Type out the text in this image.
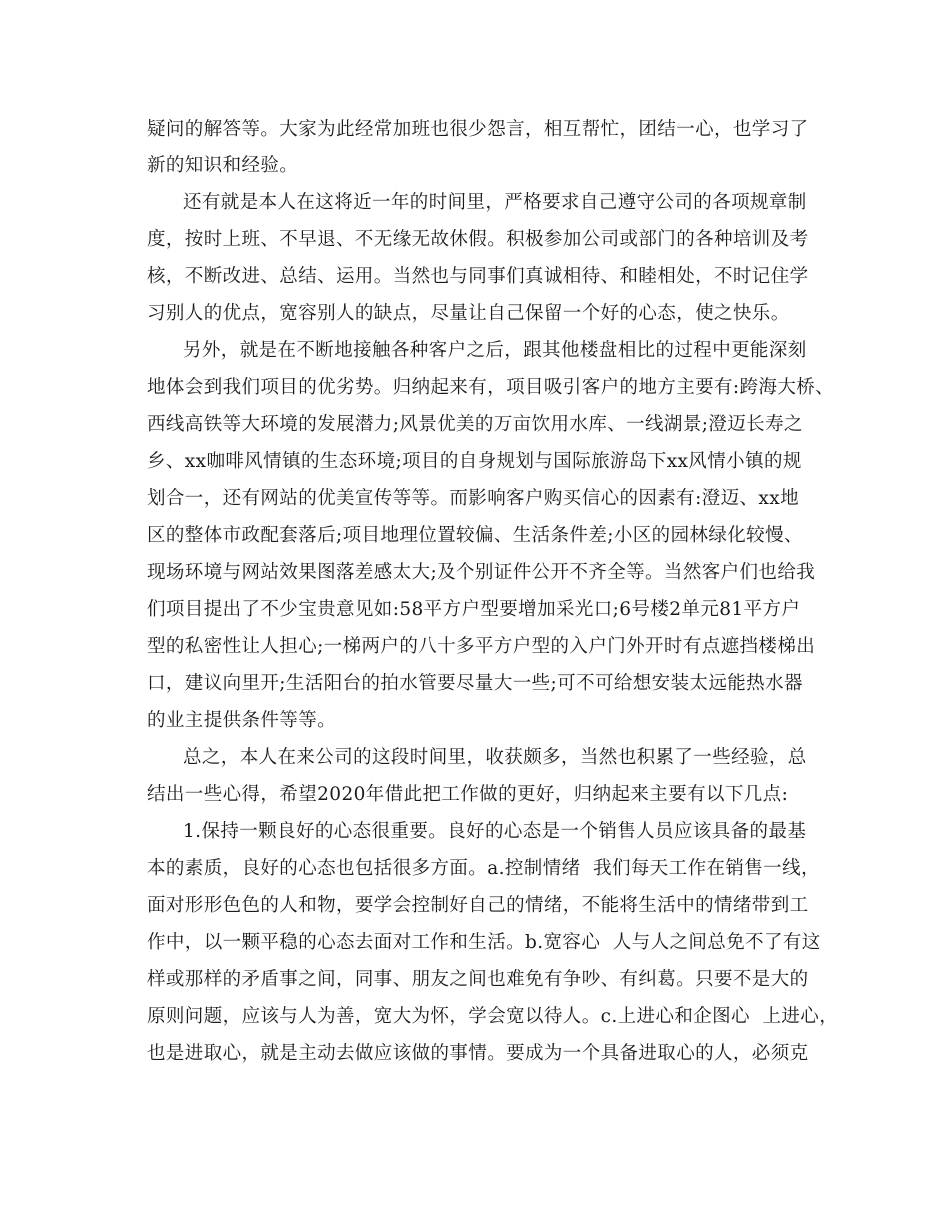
疑问的解答等。大家为此经常加班也很少怨言，相互帮忙，团结一心，也学习了
新的知识和经验。
还有就是本人在这将近一年的时间里，严格要求自己遵守公司的各项规章制
度，按时上班、不早退、不无缘无故休假。积极参加公司或部门的各种培训及考
核，不断改进、总结、运用。当然也与同事们真诚相待、和睦相处，不时记住学
习别人的优点，宽容别人的缺点，尽量让自己保留一个好的心态，使之快乐。
另外，就是在不断地接触各种客户之后，跟其他楼盘相比的过程中更能深刻
地体会到我们项目的优劣势。归纳起来有，项目吸引客户的地方主要有:跨海大桥、
西线高铁等大环境的发展潜力;风景优美的万亩饮用水库、一线湖景;澄迈长寿之
乡、xx咖啡风情镇的生态环境;项目的自身规划与国际旅游岛下xx风情小镇的规
划合一，还有网站的优美宣传等等。而影响客户购买信心的因素有:澄迈、xx地
区的整体市政配套落后;项目地理位置较偏、生活条件差;小区的园林绿化较慢、
现场环境与网站效果图落差感太大;及个别证件公开不齐全等。当然客户们也给我
们项目提出了不少宝贵意见如:58平方户型要增加采光口;6号楼2单元81平方户
型的私密性让人担心;一梯两户的八十多平方户型的入户门外开时有点遮挡楼梯出
口，建议向里开;生活阳台的拍水管要尽量大一些;可不可给想安装太远能热水器
的业主提供条件等等。
总之，本人在来公司的这段时间里，收获颇多，当然也积累了一些经验，总
结出一些心得，希望2020年借此把工作做的更好，归纳起来主要有以下几点:
1.保持一颗良好的心态很重要。良好的心态是一个销售人员应该具备的最基
本的素质，良好的心态也包括很多方面。a.控制情绪  我们每天工作在销售一线，
面对形形色色的人和物，要学会控制好自己的情绪，不能将生活中的情绪带到工
作中，以一颗平稳的心态去面对工作和生活。b.宽容心  人与人之间总免不了有这
样或那样的矛盾事之间，同事、朋友之间也难免有争吵、有纠葛。只要不是大的
原则问题，应该与人为善，宽大为怀，学会宽以待人。c.上进心和企图心  上进心，
也是进取心，就是主动去做应该做的事情。要成为一个具备进取心的人，必须克
